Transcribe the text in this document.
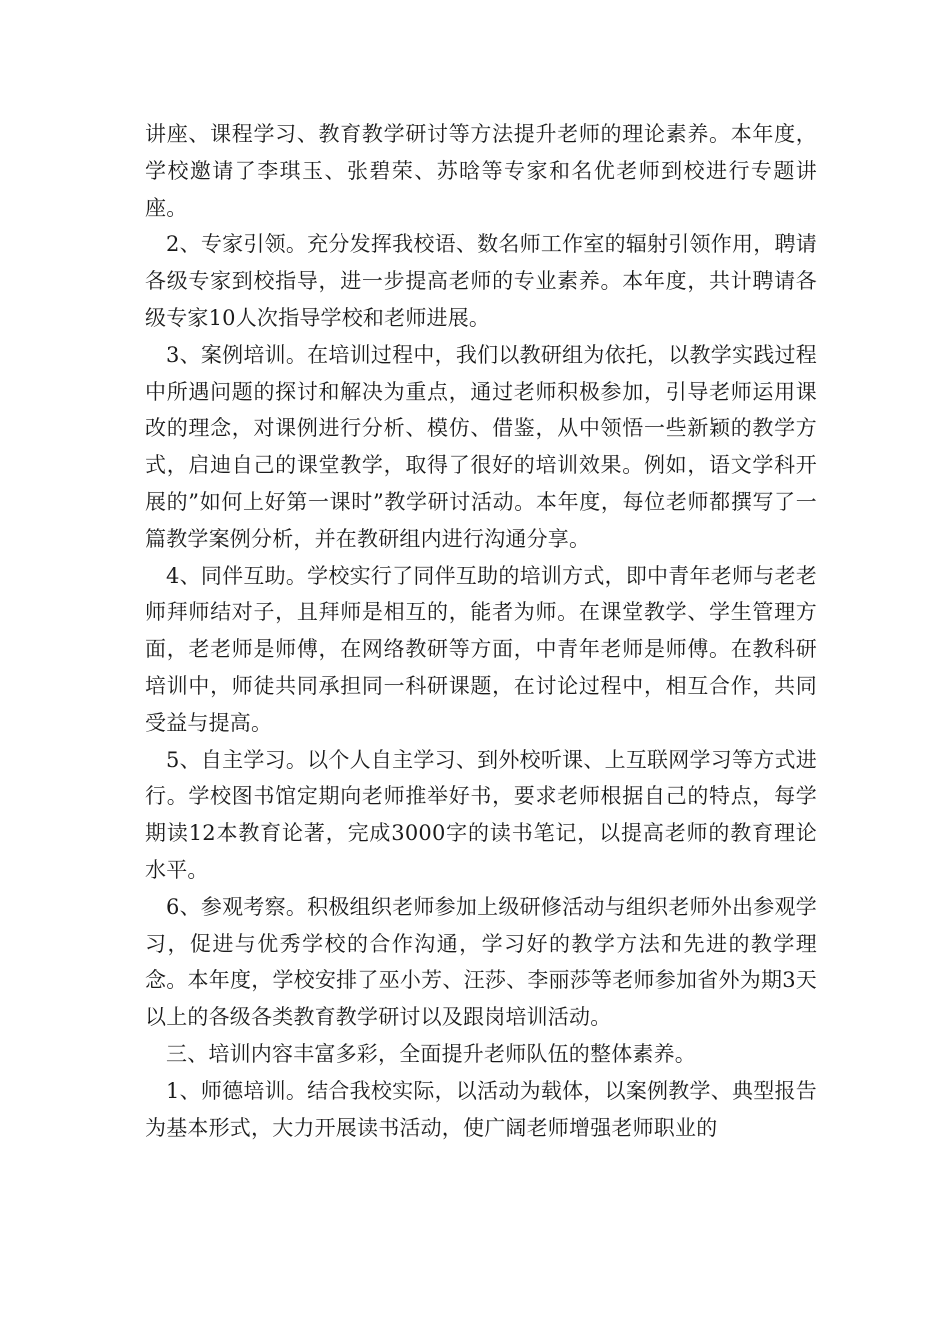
讲座、课程学习、教育教学研讨等方法提升老师的理论素养。本年度，学校邀请了李琪玉、张碧荣、苏晗等专家和名优老师到校进行专题讲座。

2、专家引领。充分发挥我校语、数名师工作室的辐射引领作用，聘请各级专家到校指导，进一步提高老师的专业素养。本年度，共计聘请各级专家10人次指导学校和老师进展。

3、案例培训。在培训过程中，我们以教研组为依托，以教学实践过程中所遇问题的探讨和解决为重点，通过老师积极参加，引导老师运用课改的理念，对课例进行分析、模仿、借鉴，从中领悟一些新颖的教学方式，启迪自己的课堂教学，取得了很好的培训效果。例如，语文学科开展的”如何上好第一课时”教学研讨活动。本年度，每位老师都撰写了一篇教学案例分析，并在教研组内进行沟通分享。

4、同伴互助。学校实行了同伴互助的培训方式，即中青年老师与老老师拜师结对子，且拜师是相互的，能者为师。在课堂教学、学生管理方面，老老师是师傅，在网络教研等方面，中青年老师是师傅。在教科研培训中，师徒共同承担同一科研课题，在讨论过程中，相互合作，共同受益与提高。

5、自主学习。以个人自主学习、到外校听课、上互联网学习等方式进行。学校图书馆定期向老师推举好书，要求老师根据自己的特点，每学期读12本教育论著，完成3000字的读书笔记，以提高老师的教育理论水平。

6、参观考察。积极组织老师参加上级研修活动与组织老师外出参观学习，促进与优秀学校的合作沟通，学习好的教学方法和先进的教学理念。本年度，学校安排了巫小芳、汪莎、李丽莎等老师参加省外为期3天以上的各级各类教育教学研讨以及跟岗培训活动。

三、培训内容丰富多彩，全面提升老师队伍的整体素养。

1、师德培训。结合我校实际，以活动为载体，以案例教学、典型报告为基本形式，大力开展读书活动，使广阔老师增强老师职业的
